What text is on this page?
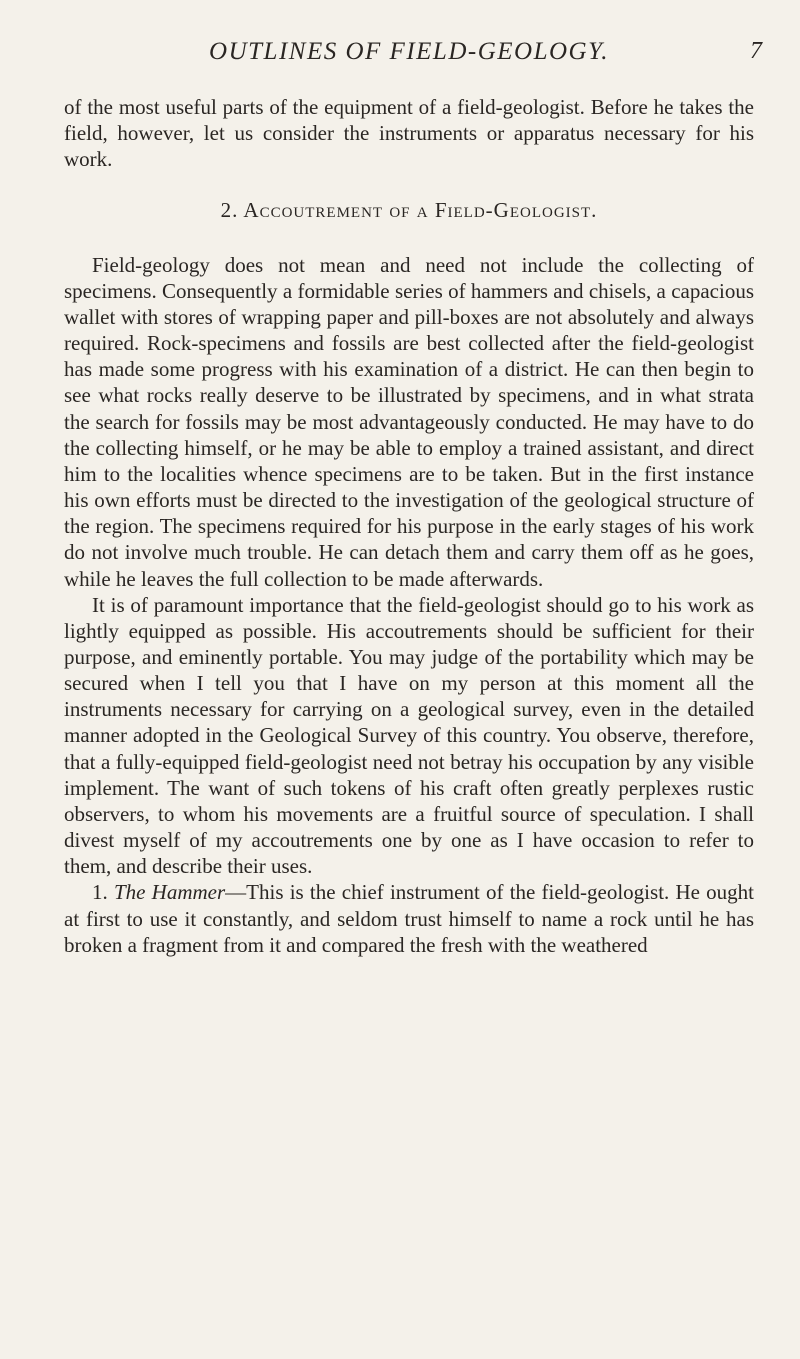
OUTLINES OF FIELD-GEOLOGY.	7

of the most useful parts of the equipment of a field-geologist. Before he takes the field, however, let us consider the instruments or apparatus necessary for his work.

2. Accoutrement of a Field-Geologist.

Field-geology does not mean and need not include the collecting of specimens. Consequently a formidable series of hammers and chisels, a capacious wallet with stores of wrapping paper and pill-boxes are not absolutely and always required. Rock-specimens and fossils are best collected after the field-geologist has made some progress with his examination of a district. He can then begin to see what rocks really deserve to be illustrated by specimens, and in what strata the search for fossils may be most advantageously conducted. He may have to do the collecting himself, or he may be able to employ a trained assistant, and direct him to the localities whence specimens are to be taken. But in the first instance his own efforts must be directed to the investigation of the geological structure of the region. The specimens required for his purpose in the early stages of his work do not involve much trouble. He can detach them and carry them off as he goes, while he leaves the full collection to be made afterwards.

It is of paramount importance that the field-geologist should go to his work as lightly equipped as possible. His accoutrements should be sufficient for their purpose, and eminently portable. You may judge of the portability which may be secured when I tell you that I have on my person at this moment all the instruments necessary for carrying on a geological survey, even in the detailed manner adopted in the Geological Survey of this country. You observe, therefore, that a fully-equipped field-geologist need not betray his occupation by any visible implement. The want of such tokens of his craft often greatly perplexes rustic observers, to whom his movements are a fruitful source of speculation. I shall divest myself of my accoutrements one by one as I have occasion to refer to them, and describe their uses.

1. The Hammer—This is the chief instrument of the field-geologist. He ought at first to use it constantly, and seldom trust himself to name a rock until he has broken a fragment from it and compared the fresh with the weathered
